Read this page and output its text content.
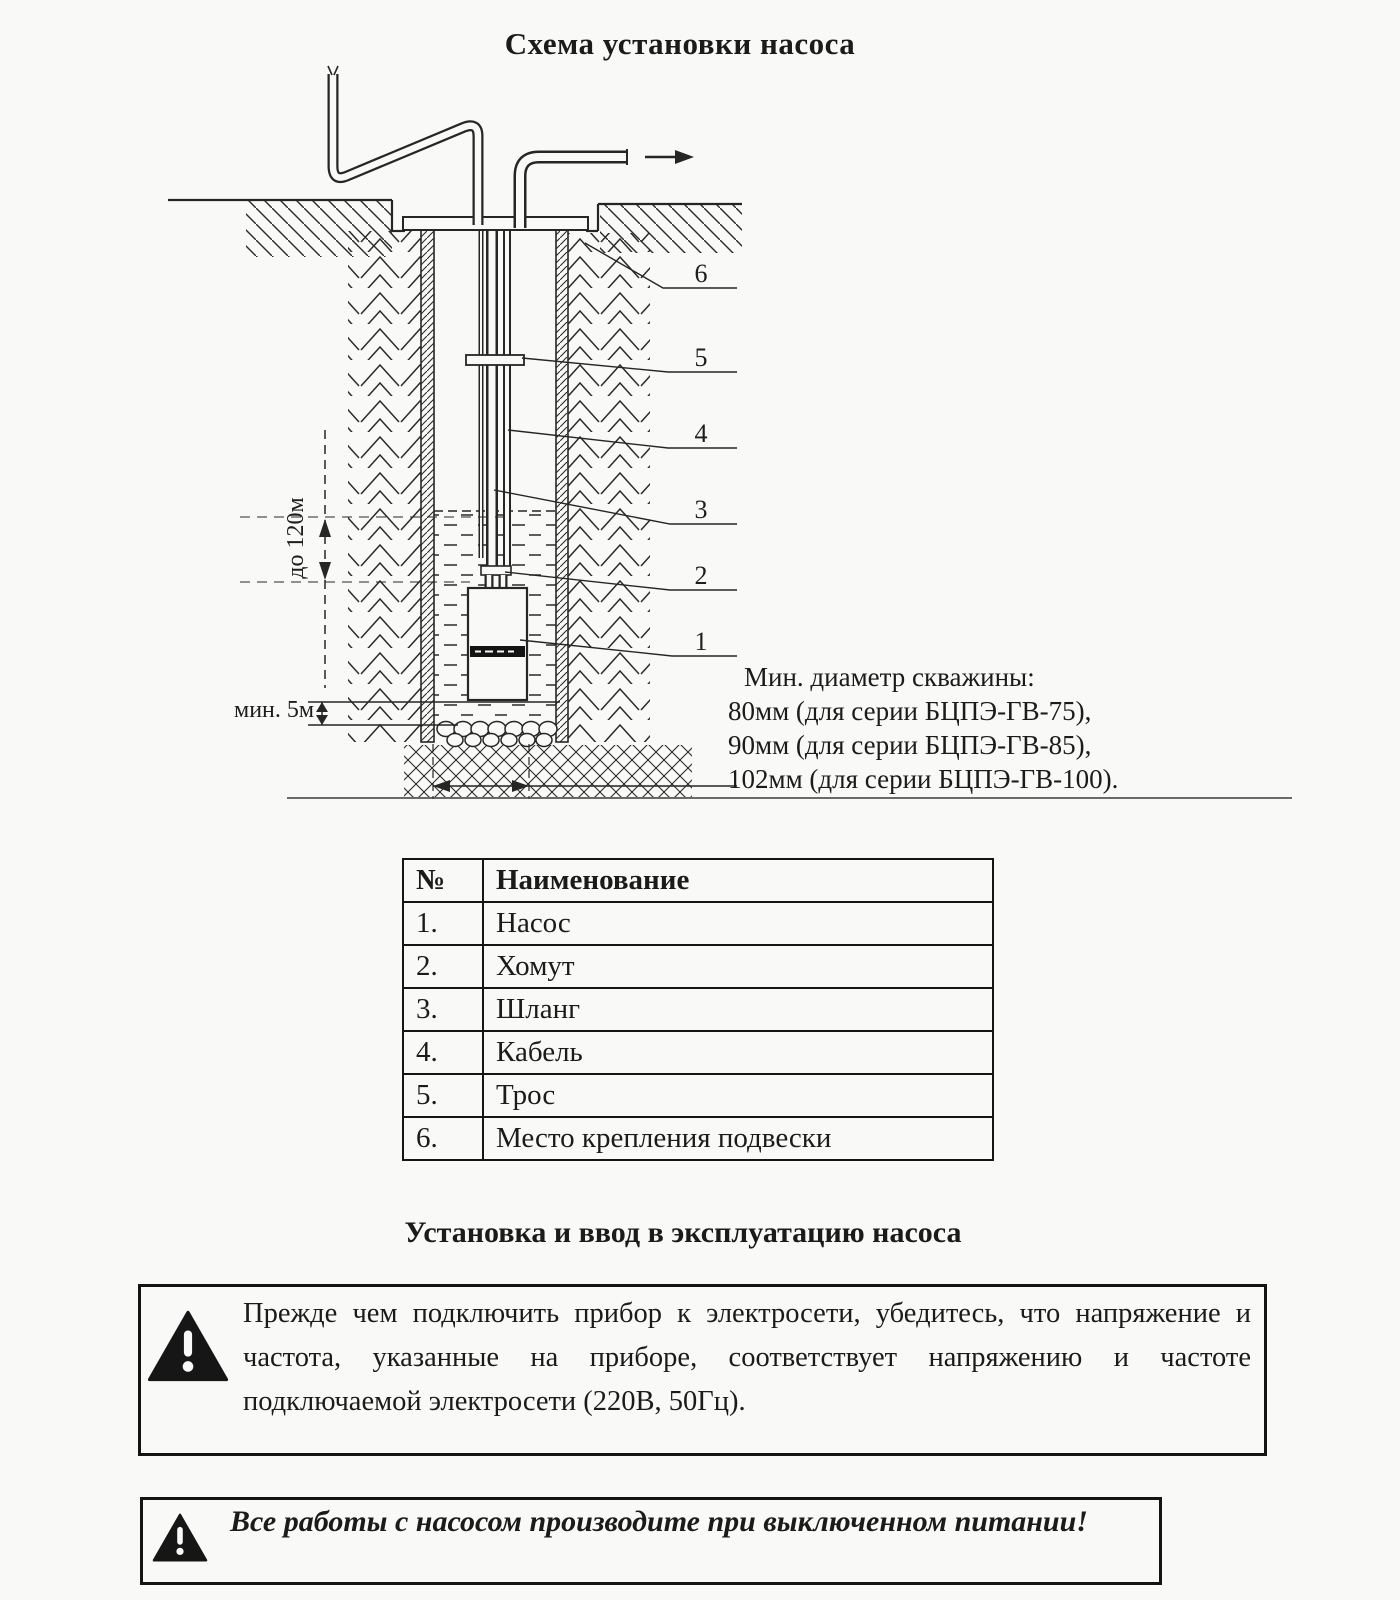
Схема установки насоса
до 120м
мин. 5м
6
5
4
3
2
1
Мин. диаметр скважины:
80мм (для серии БЦПЭ-ГВ-75),
90мм (для серии БЦПЭ-ГВ-85),
102мм (для серии БЦПЭ-ГВ-100).
№	Наименование
1.	Насос
2.	Хомут
3.	Шланг
4.	Кабель
5.	Трос
6.	Место крепления подвески
Установка и ввод в эксплуатацию насоса
Прежде чем подключить прибор к электросети, убедитесь, что напряжение и частота, указанные на приборе, соответствует напряжению и частоте подключаемой электросети (220В, 50Гц).
Все работы с насосом производите при выключенном питании!
